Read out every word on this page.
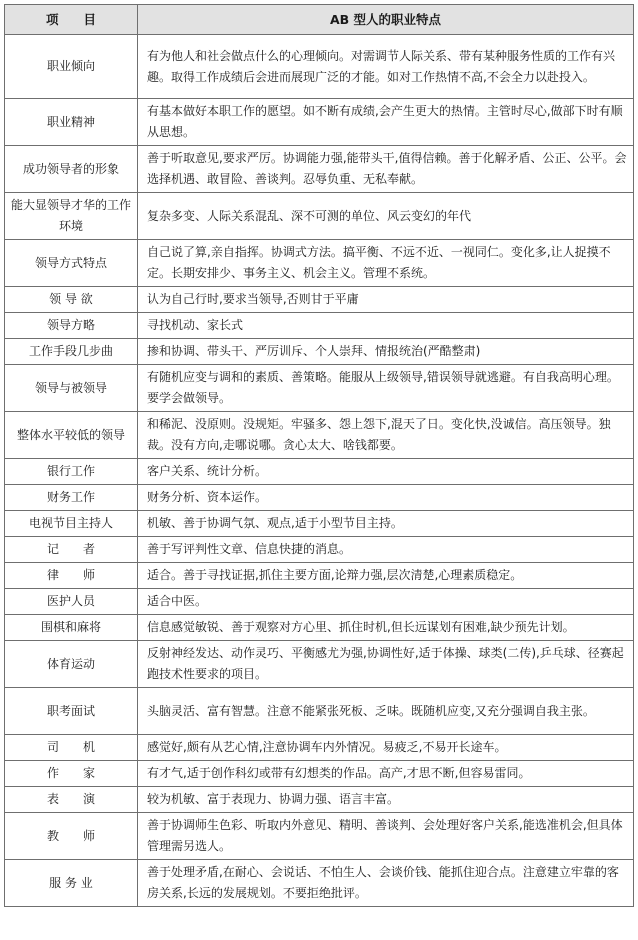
项　　目	AB 型人的职业特点
职业倾向	有为他人和社会做点什么的心理倾向。对需调节人际关系、带有某种服务性质的工作有兴趣。取得工作成绩后会进而展现广泛的才能。如对工作热情不高,不会全力以赴投入。
职业精神	有基本做好本职工作的愿望。如不断有成绩,会产生更大的热情。主管时尽心,做部下时有顺从思想。
成功领导者的形象	善于听取意见,要求严厉。协调能力强,能带头干,值得信赖。善于化解矛盾、公正、公平。会选择机遇、敢冒险、善谈判。忍辱负重、无私奉献。
能大显领导才华的工作环境	复杂多变、人际关系混乱、深不可测的单位、风云变幻的年代
领导方式特点	自己说了算,亲自指挥。协调式方法。搞平衡、不远不近、一视同仁。变化多,让人捉摸不定。长期安排少、事务主义、机会主义。管理不系统。
领 导 欲	认为自己行时,要求当领导,否则甘于平庸
领导方略	寻找机动、家长式
工作手段几步曲	掺和协调、带头干、严厉训斥、个人崇拜、情报统治(严酷整肃)
领导与被领导	有随机应变与调和的素质、善策略。能服从上级领导,错误领导就逃避。有自我高明心理。要学会做领导。
整体水平较低的领导	和稀泥、没原则。没规矩。牢骚多、怨上怨下,混天了日。变化快,没诚信。高压领导。独裁。没有方向,走哪说哪。贪心太大、啥钱都要。
银行工作	客户关系、统计分析。
财务工作	财务分析、资本运作。
电视节目主持人	机敏、善于协调气氛、观点,适于小型节目主持。
记　　者	善于写评判性文章、信息快捷的消息。
律　　师	适合。善于寻找证据,抓住主要方面,论辩力强,层次清楚,心理素质稳定。
医护人员	适合中医。
围棋和麻将	信息感觉敏锐、善于观察对方心里、抓住时机,但长远谋划有困难,缺少预先计划。
体育运动	反射神经发达、动作灵巧、平衡感尤为强,协调性好,适于体操、球类(二传),乒乓球、径赛起跑技术性要求的项目。
职考面试	头脑灵活、富有智慧。注意不能紧张死板、乏味。既随机应变,又充分强调自我主张。
司　　机	感觉好,颇有从艺心情,注意协调车内外情况。易疲乏,不易开长途车。
作　　家	有才气,适于创作科幻或带有幻想类的作品。高产,才思不断,但容易雷同。
表　　演	较为机敏、富于表现力、协调力强、语言丰富。
教　　师	善于协调师生色彩、听取内外意见、精明、善谈判、会处理好客户关系,能选准机会,但具体管理需另选人。
服 务 业	善于处理矛盾,在耐心、会说话、不怕生人、会谈价钱、能抓住迎合点。注意建立牢靠的客房关系,长远的发展规划。不要拒绝批评。
